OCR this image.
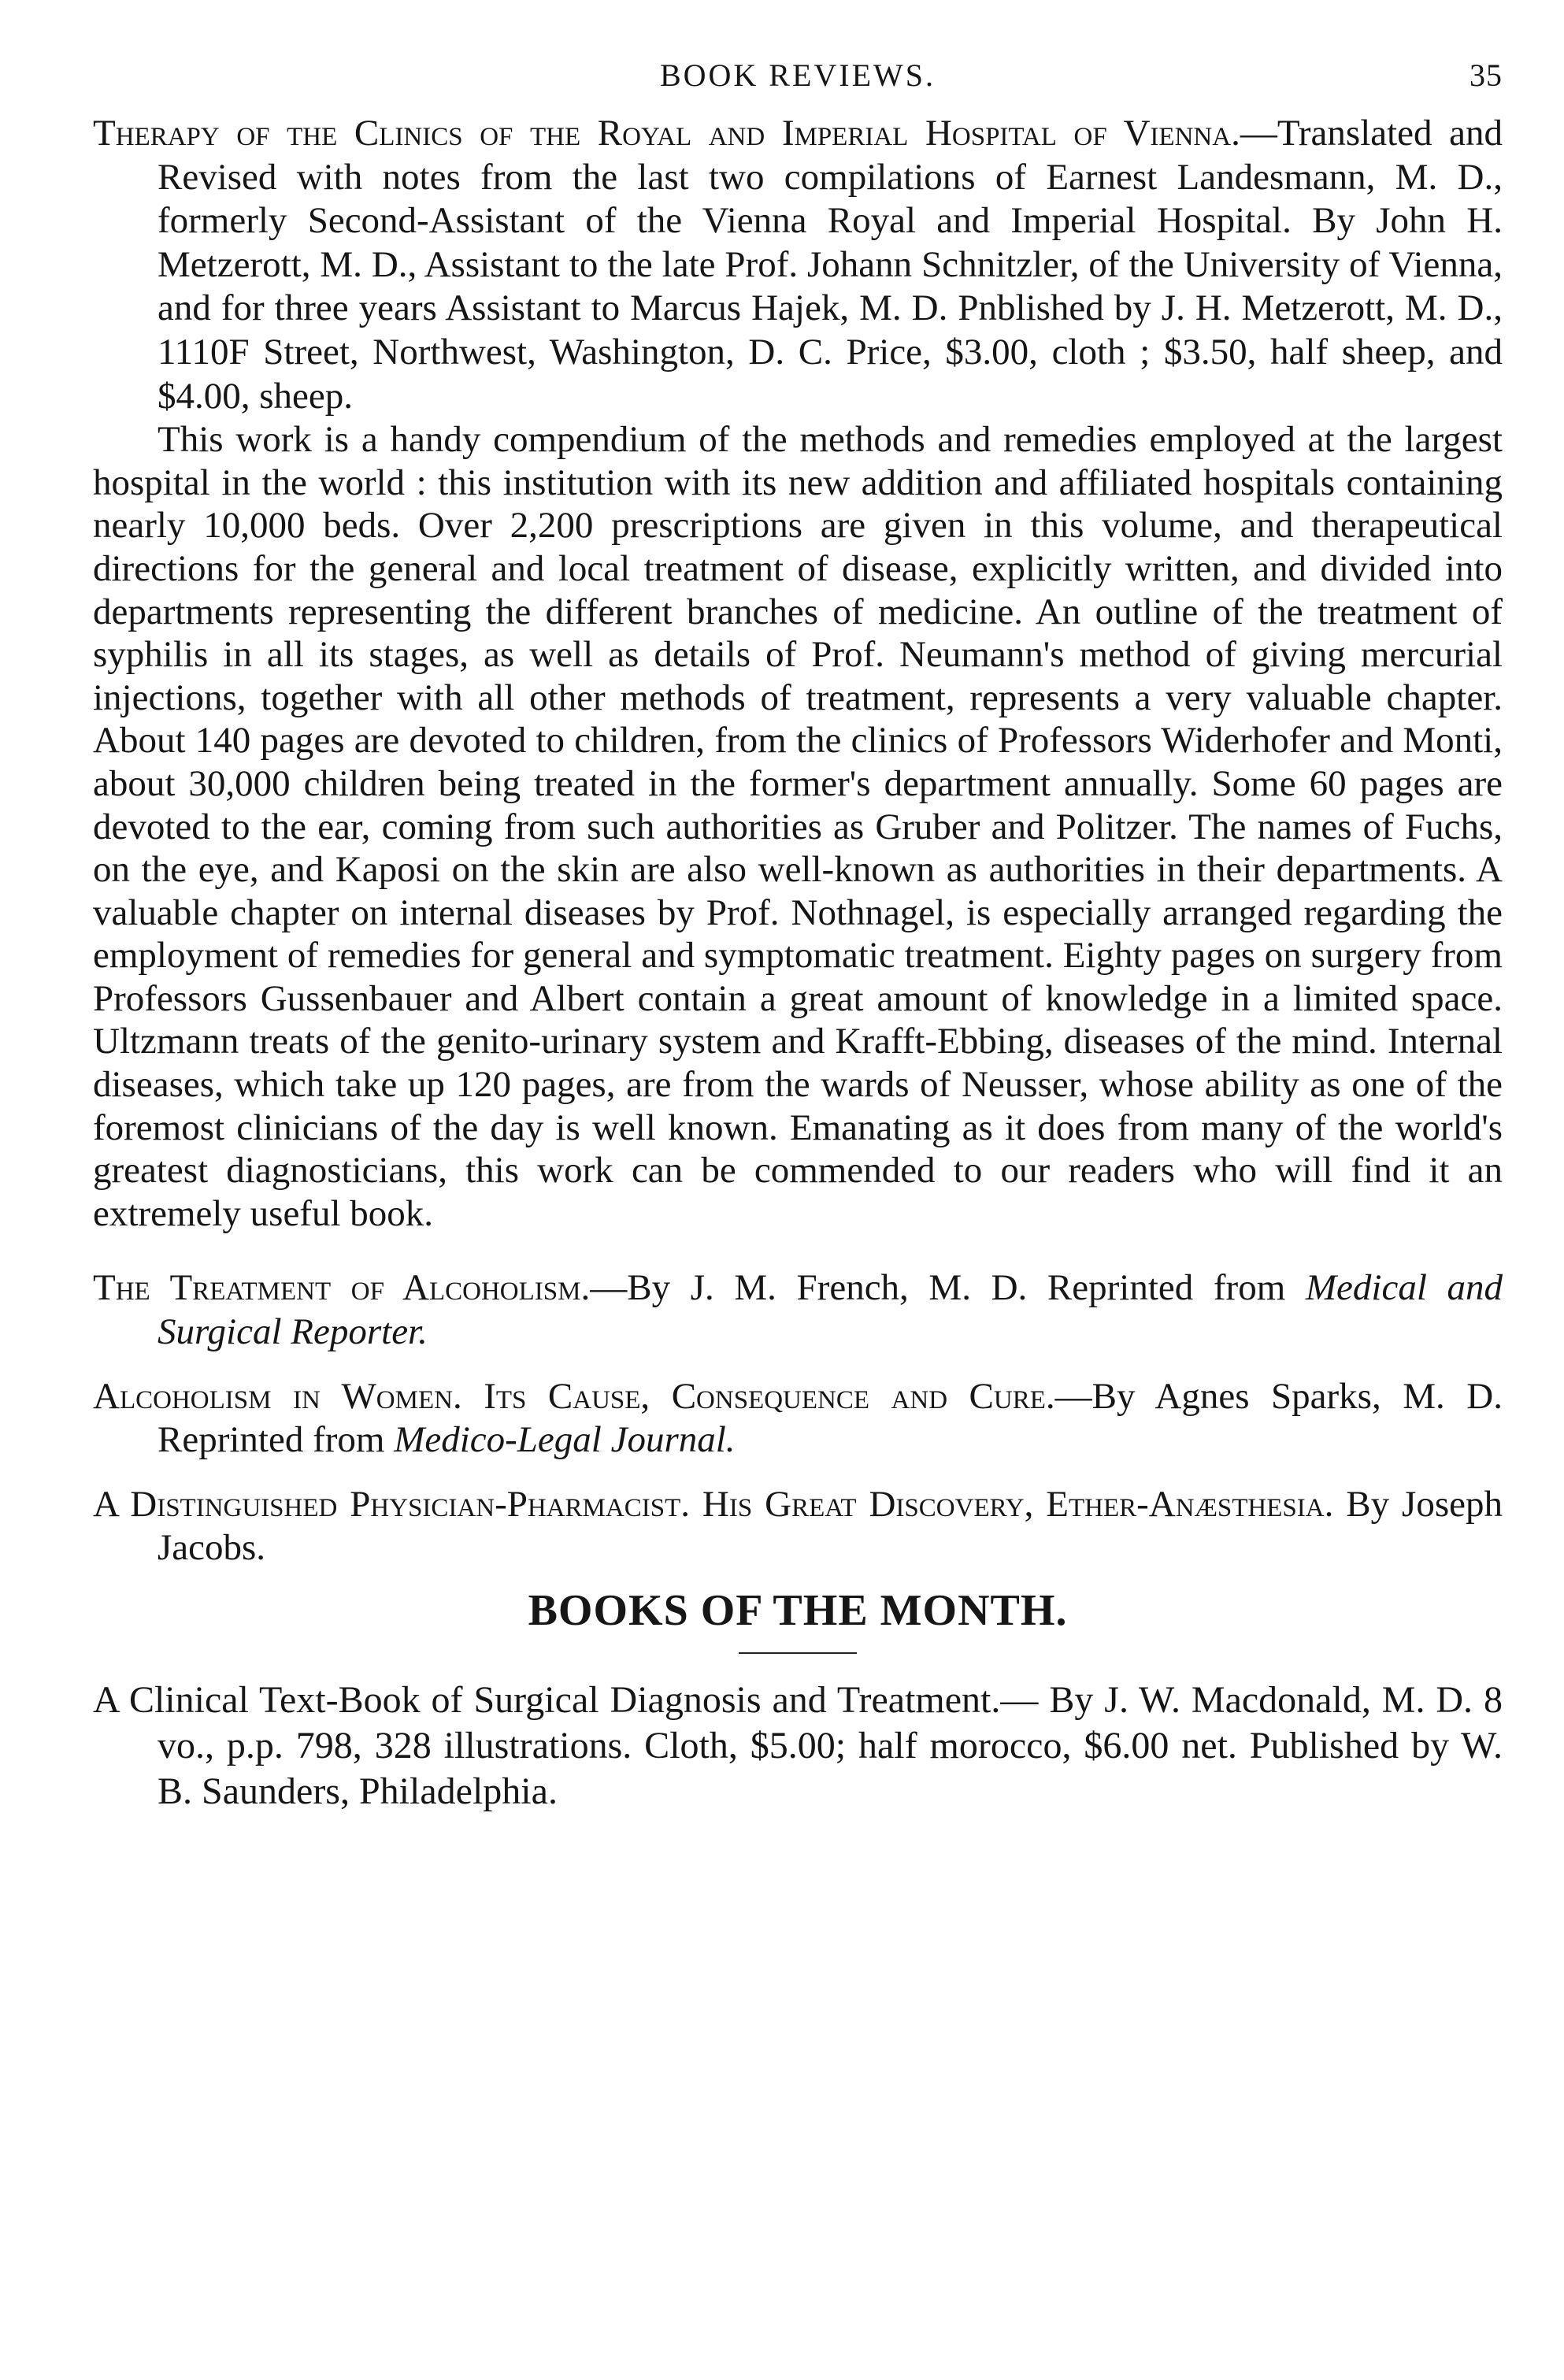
BOOK REVIEWS.	35

Therapy of the Clinics of the Royal and Imperial Hospital of Vienna.—Translated and Revised with notes from the last two compilations of Earnest Landesmann, M. D., formerly Second-Assistant of the Vienna Royal and Imperial Hospital. By John H. Metzerott, M. D., Assistant to the late Prof. Johann Schnitzler, of the University of Vienna, and for three years Assistant to Marcus Hajek, M. D. Pnblished by J. H. Metzerott, M. D., 1110F Street, Northwest, Washington, D. C. Price, $3.00, cloth ; $3.50, half sheep, and $4.00, sheep.

This work is a handy compendium of the methods and remedies employed at the largest hospital in the world : this institution with its new addition and affiliated hospitals containing nearly 10,000 beds. Over 2,200 prescriptions are given in this volume, and therapeutical directions for the general and local treatment of disease, explicitly written, and divided into departments representing the different branches of medicine. An outline of the treatment of syphilis in all its stages, as well as details of Prof. Neumann's method of giving mercurial injections, together with all other methods of treatment, represents a very valuable chapter. About 140 pages are devoted to children, from the clinics of Professors Widerhofer and Monti, about 30,000 children being treated in the former's department annually. Some 60 pages are devoted to the ear, coming from such authorities as Gruber and Politzer. The names of Fuchs, on the eye, and Kaposi on the skin are also well-known as authorities in their departments. A valuable chapter on internal diseases by Prof. Nothnagel, is especially arranged regarding the employment of remedies for general and symptomatic treatment. Eighty pages on surgery from Professors Gussenbauer and Albert contain a great amount of knowledge in a limited space. Ultzmann treats of the genito-urinary system and Krafft-Ebbing, diseases of the mind. Internal diseases, which take up 120 pages, are from the wards of Neusser, whose ability as one of the foremost clinicians of the day is well known. Emanating as it does from many of the world's greatest diagnosticians, this work can be commended to our readers who will find it an extremely useful book.

The Treatment of Alcoholism.—By J. M. French, M. D. Reprinted from Medical and Surgical Reporter.

Alcoholism in Women. Its Cause, Consequence and Cure.—By Agnes Sparks, M. D. Reprinted from Medico-Legal Journal.

A Distinguished Physician-Pharmacist. His Great Discovery, Ether-Anæsthesia. By Joseph Jacobs.

BOOKS OF THE MONTH.

A Clinical Text-Book of Surgical Diagnosis and Treatment.— By J. W. Macdonald, M. D. 8 vo., p.p. 798, 328 illustrations. Cloth, $5.00; half morocco, $6.00 net. Published by W. B. Saunders, Philadelphia.
